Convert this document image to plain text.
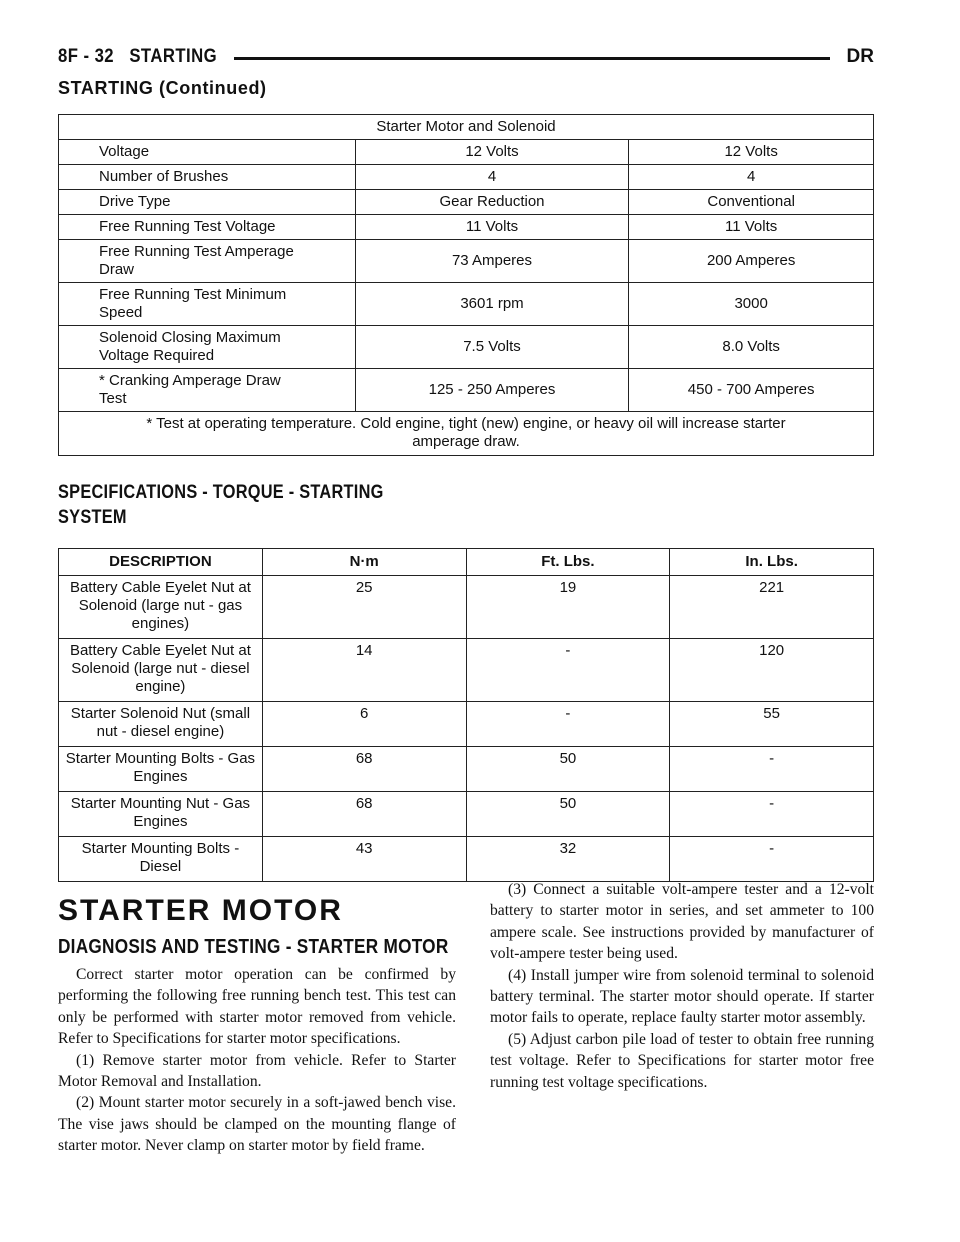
8F - 32 STARTING	DR
STARTING (Continued)
Starter Motor and Solenoid		
Voltage	12 Volts	12 Volts
Number of Brushes	4	4
Drive Type	Gear Reduction	Conventional
Free Running Test Voltage	11 Volts	11 Volts
Free Running Test Amperage Draw	73 Amperes	200 Amperes
Free Running Test Minimum Speed	3601 rpm	3000
Solenoid Closing Maximum Voltage Required	7.5 Volts	8.0 Volts
* Cranking Amperage Draw Test	125 - 250 Amperes	450 - 700 Amperes
* Test at operating temperature. Cold engine, tight (new) engine, or heavy oil will increase starter amperage draw.		
SPECIFICATIONS - TORQUE - STARTING SYSTEM
DESCRIPTION	N·m	Ft. Lbs.	In. Lbs.
Battery Cable Eyelet Nut at Solenoid (large nut - gas engines)	25	19	221
Battery Cable Eyelet Nut at Solenoid (large nut - diesel engine)	14	-	120
Starter Solenoid Nut (small nut - diesel engine)	6	-	55
Starter Mounting Bolts - Gas Engines	68	50	-
Starter Mounting Nut - Gas Engines	68	50	-
Starter Mounting Bolts - Diesel	43	32	-
STARTER MOTOR
DIAGNOSIS AND TESTING - STARTER MOTOR

Correct starter motor operation can be confirmed by performing the following free running bench test. This test can only be performed with starter motor removed from vehicle. Refer to Specifications for starter motor specifications.

(1) Remove starter motor from vehicle. Refer to Starter Motor Removal and Installation.

(2) Mount starter motor securely in a soft-jawed bench vise. The vise jaws should be clamped on the mounting flange of starter motor. Never clamp on starter motor by field frame.

(3) Connect a suitable volt-ampere tester and a 12-volt battery to starter motor in series, and set ammeter to 100 ampere scale. See instructions provided by manufacturer of volt-ampere tester being used.

(4) Install jumper wire from solenoid terminal to solenoid battery terminal. The starter motor should operate. If starter motor fails to operate, replace faulty starter motor assembly.

(5) Adjust carbon pile load of tester to obtain free running test voltage. Refer to Specifications for starter motor free running test voltage specifications.
